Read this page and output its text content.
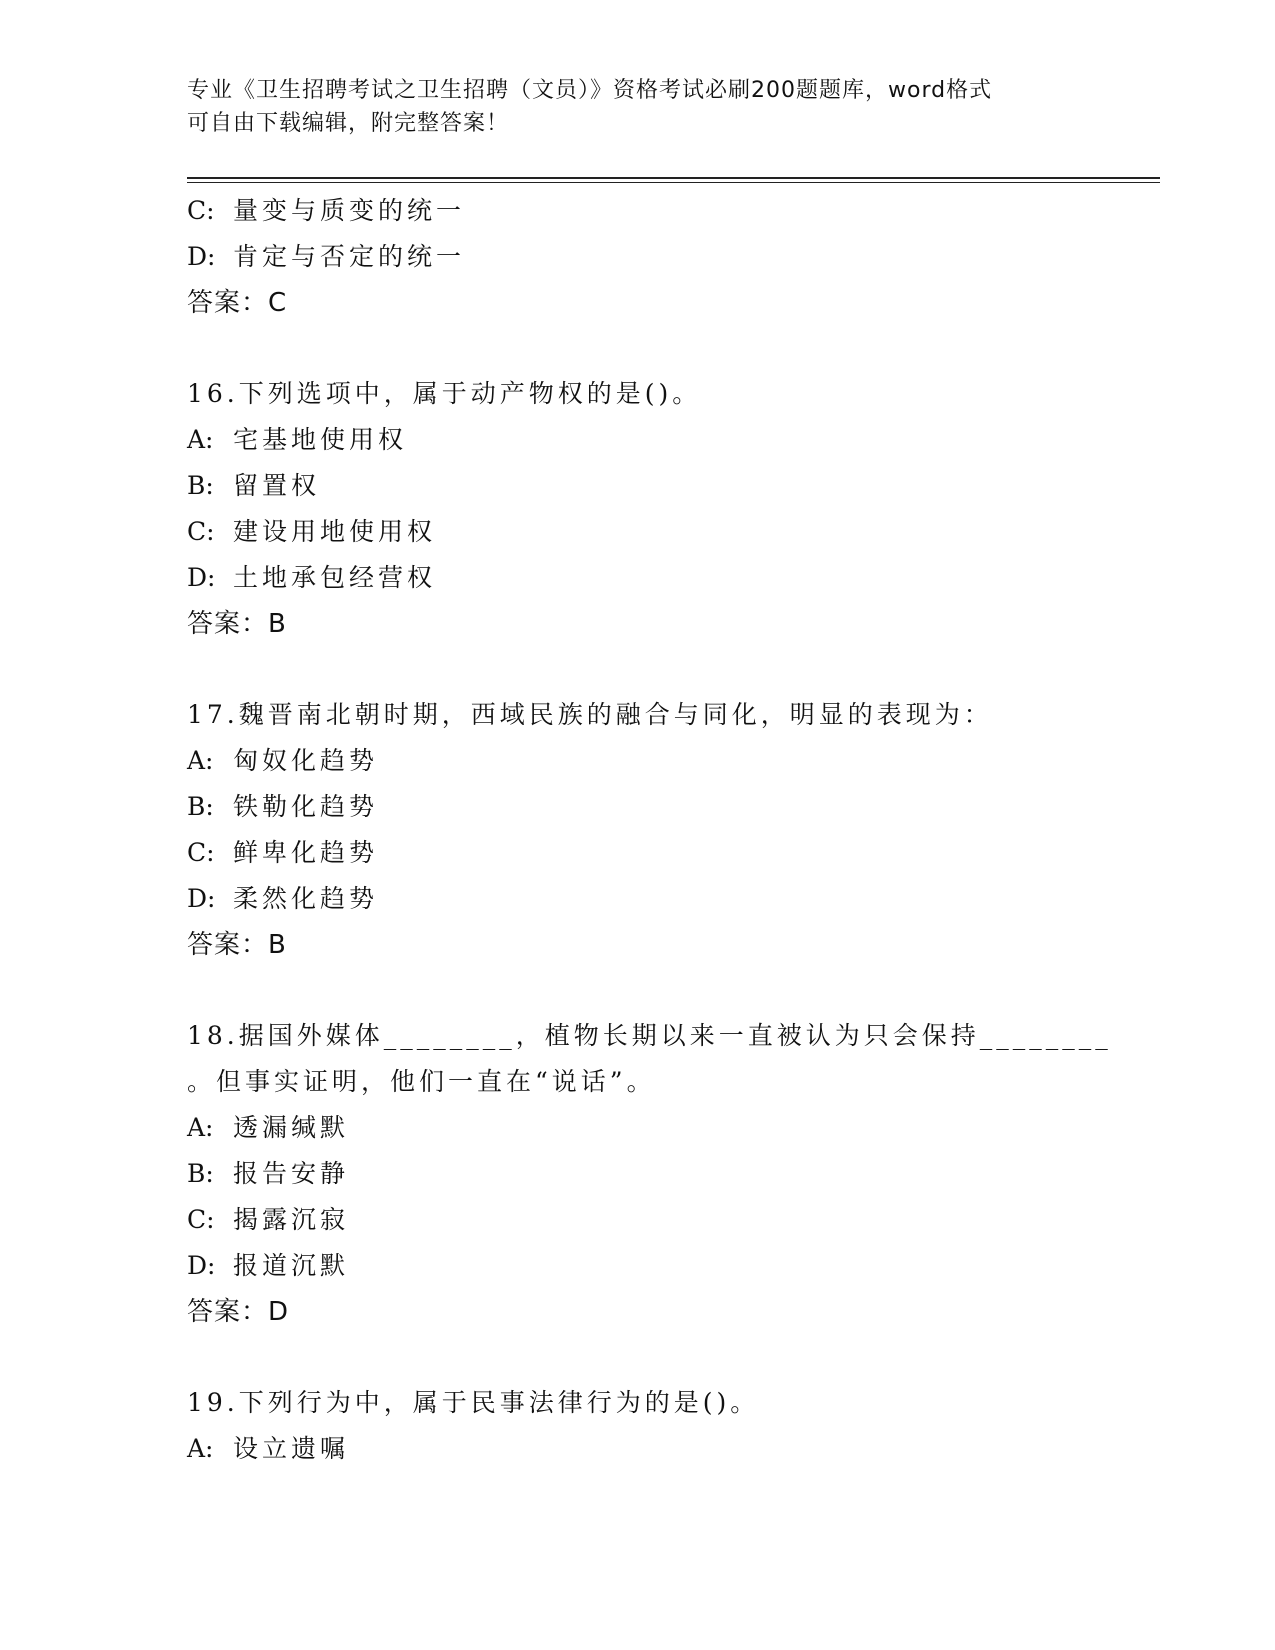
专业《卫生招聘考试之卫生招聘（文员）》资格考试必刷200题题库，word格式
可自由下载编辑，附完整答案！
C: 量变与质变的统一
D: 肯定与否定的统一
答案：C
16.下列选项中，属于动产物权的是()。
A: 宅基地使用权
B: 留置权
C: 建设用地使用权
D: 土地承包经营权
答案：B
17.魏晋南北朝时期，西域民族的融合与同化，明显的表现为：
A: 匈奴化趋势
B: 铁勒化趋势
C: 鲜卑化趋势
D: 柔然化趋势
答案：B
18.据国外媒体________，植物长期以来一直被认为只会保持________
。但事实证明，他们一直在“说话”。
A: 透漏缄默
B: 报告安静
C: 揭露沉寂
D: 报道沉默
答案：D
19.下列行为中，属于民事法律行为的是()。
A: 设立遗嘱
